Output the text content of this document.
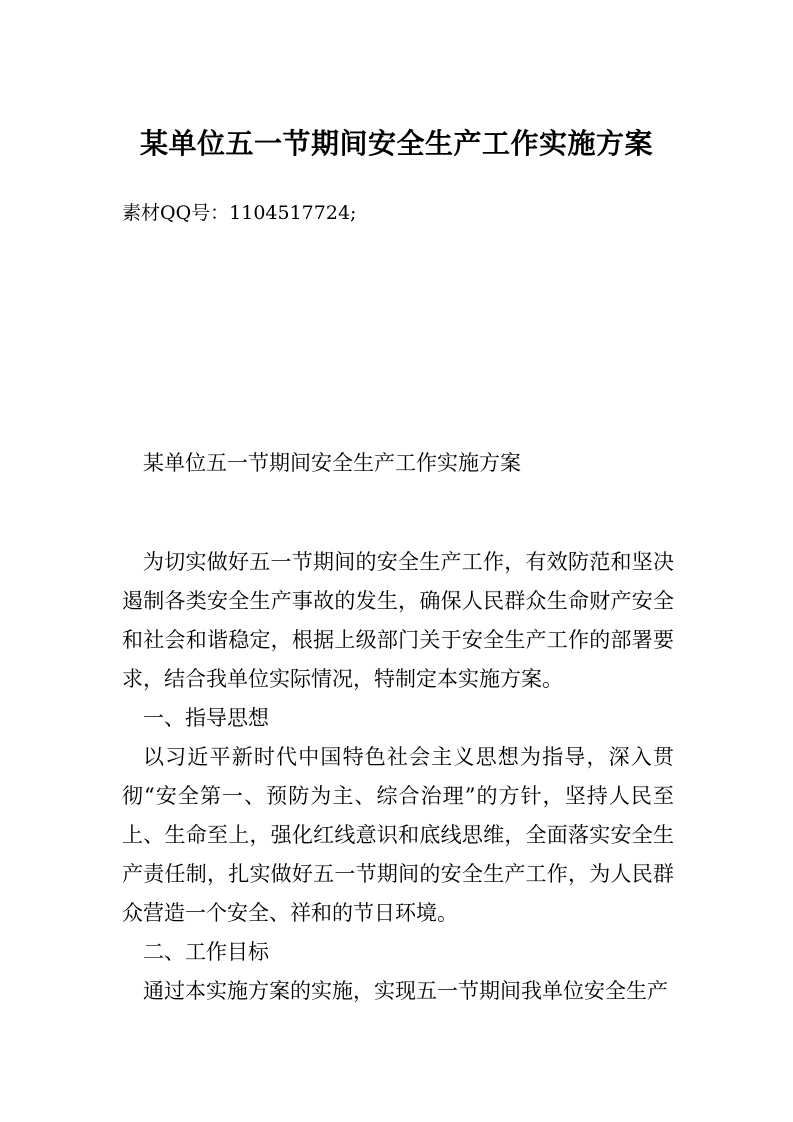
某单位五一节期间安全生产工作实施方案

素材QQ号：1104517724;

某单位五一节期间安全生产工作实施方案

为切实做好五一节期间的安全生产工作，有效防范和坚决遏制各类安全生产事故的发生，确保人民群众生命财产安全和社会和谐稳定，根据上级部门关于安全生产工作的部署要求，结合我单位实际情况，特制定本实施方案。

一、指导思想

以习近平新时代中国特色社会主义思想为指导，深入贯彻“安全第一、预防为主、综合治理”的方针，坚持人民至上、生命至上，强化红线意识和底线思维，全面落实安全生产责任制，扎实做好五一节期间的安全生产工作，为人民群众营造一个安全、祥和的节日环境。

二、工作目标

通过本实施方案的实施，实现五一节期间我单位安全生产
